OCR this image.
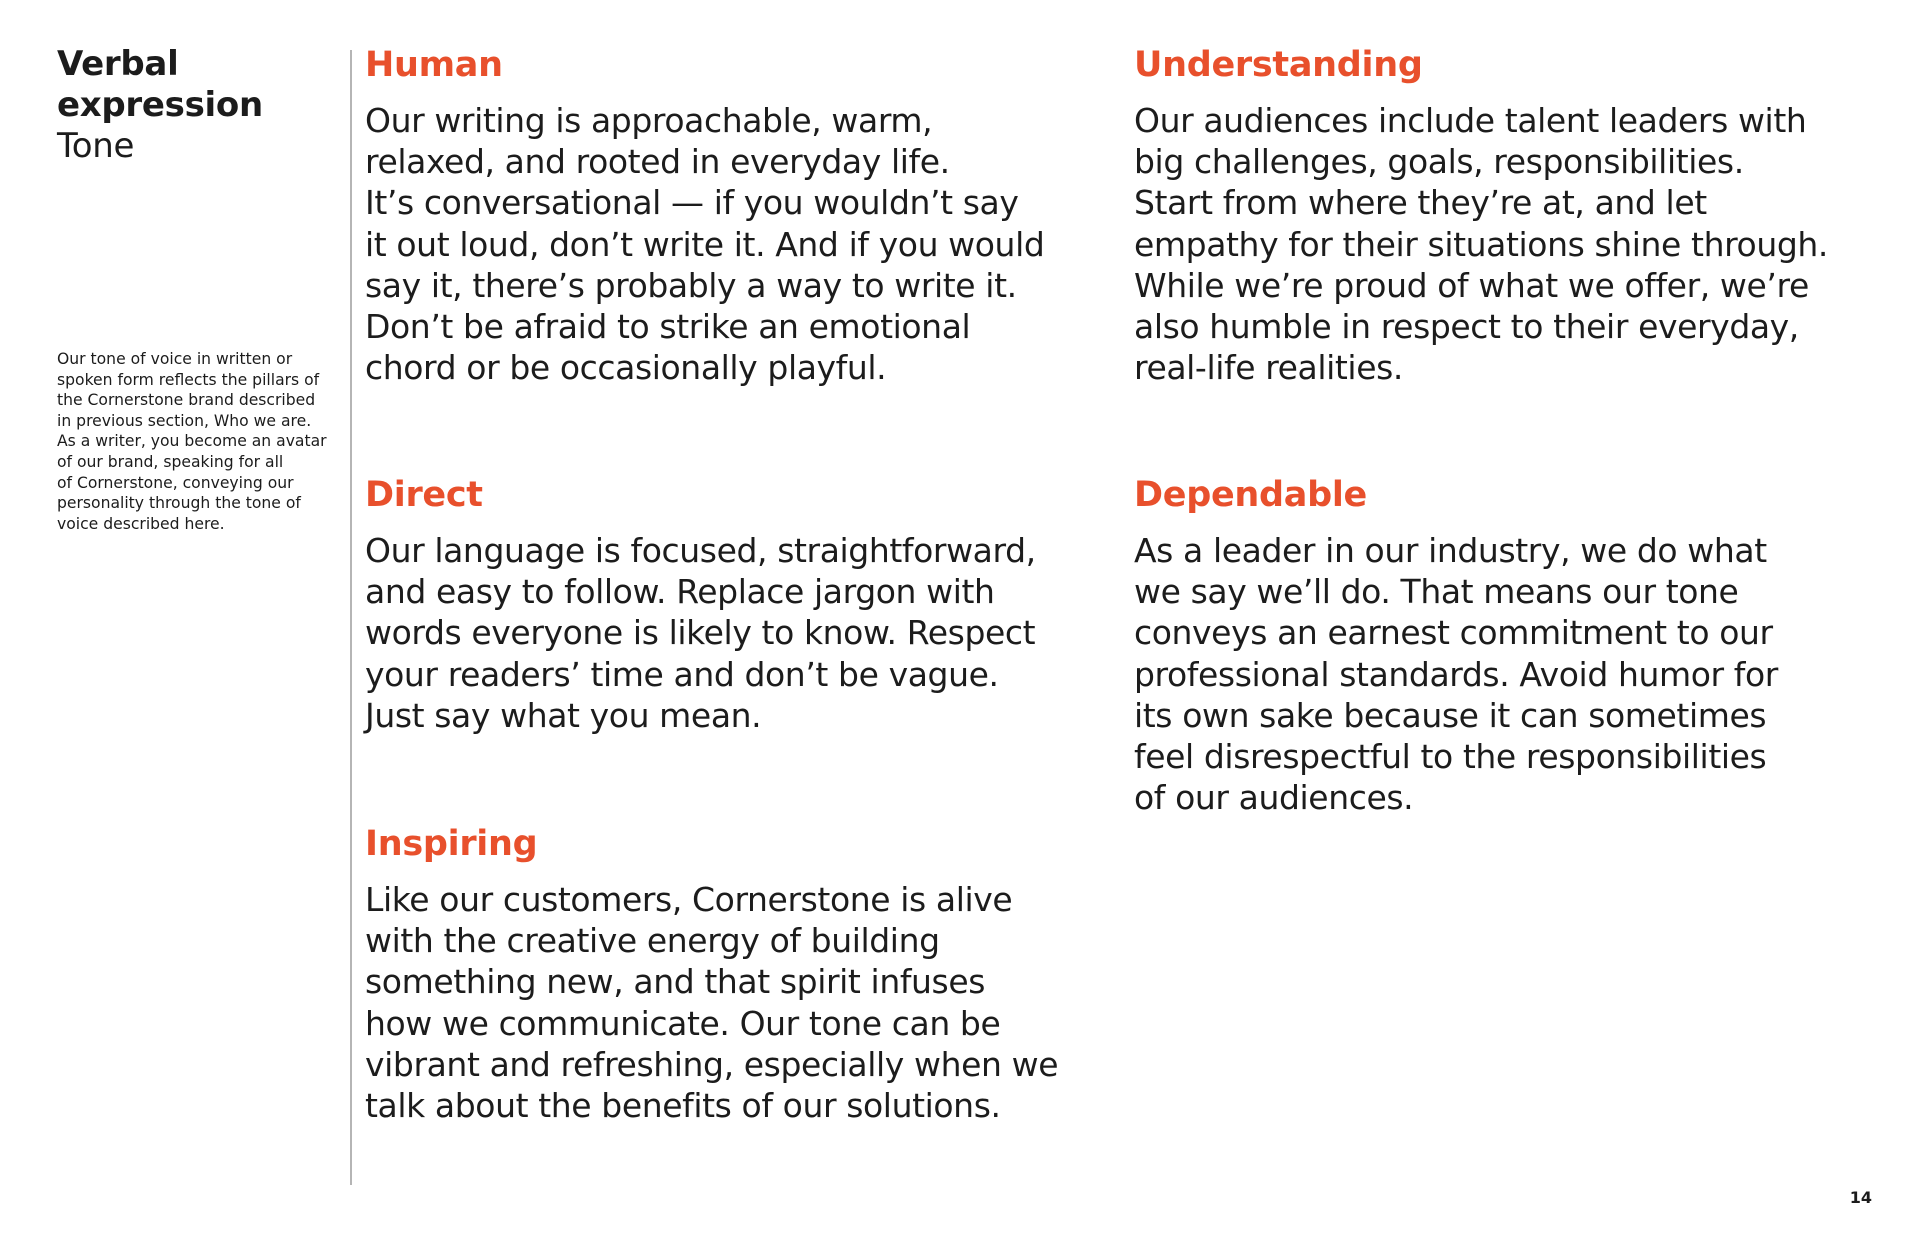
Verbal
expression
Tone

Our tone of voice in written or
spoken form reflects the pillars of
the Cornerstone brand described
in previous section, Who we are.
As a writer, you become an avatar
of our brand, speaking for all
of Cornerstone, conveying our
personality through the tone of
voice described here.

Human

Our writing is approachable, warm,
relaxed, and rooted in everyday life.
It’s conversational — if you wouldn’t say
it out loud, don’t write it. And if you would
say it, there’s probably a way to write it.
Don’t be afraid to strike an emotional
chord or be occasionally playful.

Direct

Our language is focused, straightforward,
and easy to follow. Replace jargon with
words everyone is likely to know. Respect
your readers’ time and don’t be vague.
Just say what you mean.

Inspiring

Like our customers, Cornerstone is alive
with the creative energy of building
something new, and that spirit infuses
how we communicate. Our tone can be
vibrant and refreshing, especially when we
talk about the benefits of our solutions.

Understanding

Our audiences include talent leaders with
big challenges, goals, responsibilities.
Start from where they’re at, and let
empathy for their situations shine through.
While we’re proud of what we offer, we’re
also humble in respect to their everyday,
real-life realities.

Dependable

As a leader in our industry, we do what
we say we’ll do. That means our tone
conveys an earnest commitment to our
professional standards. Avoid humor for
its own sake because it can sometimes
feel disrespectful to the responsibilities
of our audiences.

14
